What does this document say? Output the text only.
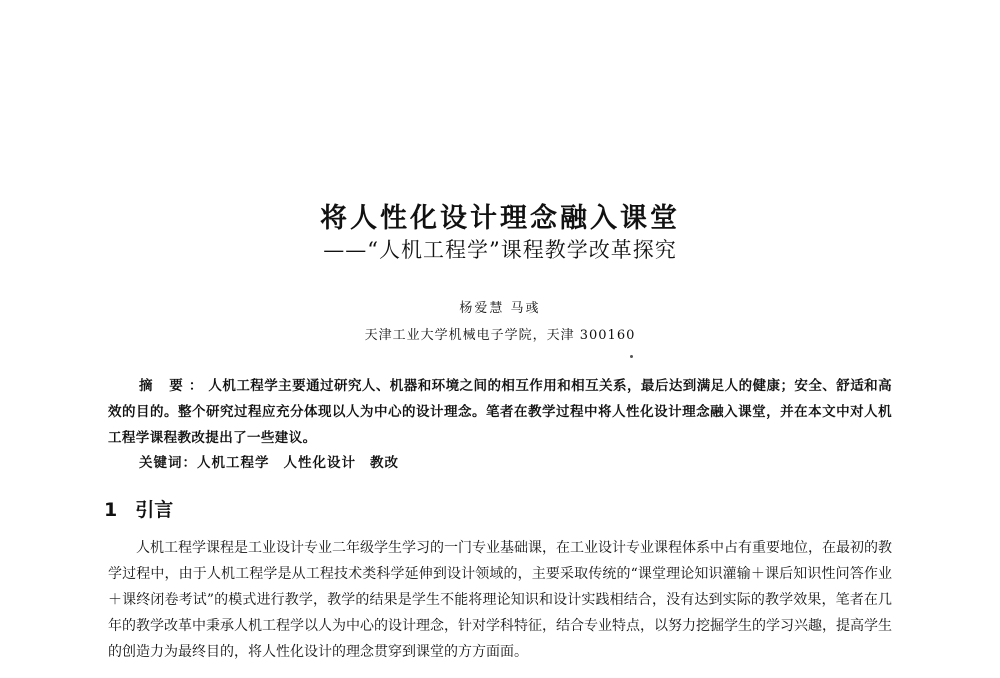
将人性化设计理念融入课堂
——“人机工程学”课程教学改革探究
杨爱慧 马彧
天津工业大学机械电子学院，天津 300160
摘 要：人机工程学主要通过研究人、机器和环境之间的相互作用和相互关系，最后达到满足人的健康；安全、舒适和高效的目的。整个研究过程应充分体现以人为中心的设计理念。笔者在教学过程中将人性化设计理念融入课堂，并在本文中对人机工程学课程教改提出了一些建议。
关键词：人机工程学 人性化设计 教改
1 引言
人机工程学课程是工业设计专业二年级学生学习的一门专业基础课，在工业设计专业课程体系中占有重要地位，在最初的教学过程中，由于人机工程学是从工程技术类科学延伸到设计领域的，主要采取传统的“课堂理论知识灌输＋课后知识性问答作业＋课终闭卷考试”的模式进行教学，教学的结果是学生不能将理论知识和设计实践相结合，没有达到实际的教学效果，笔者在几年的教学改革中秉承人机工程学以人为中心的设计理念，针对学科特征，结合专业特点，以努力挖掘学生的学习兴趣，提高学生的创造力为最终目的，将人性化设计的理念贯穿到课堂的方方面面。
